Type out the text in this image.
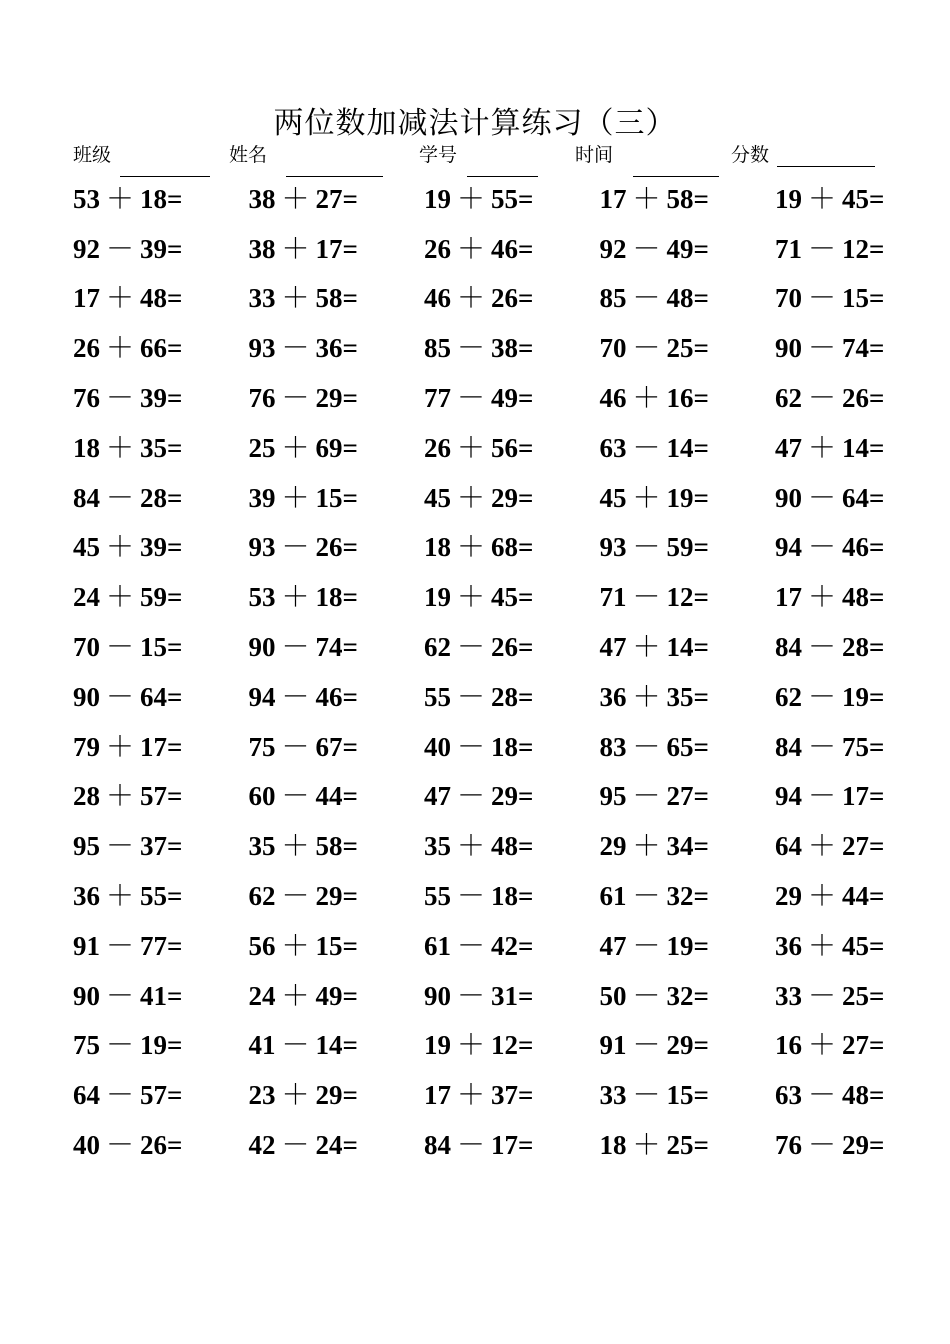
两位数加减法计算练习（三）
班级	姓名	学号	时间	分数
53 ＋ 18=	38 ＋ 27=	19 ＋ 55=	17 ＋ 58=	19 ＋ 45=
92 － 39=	38 ＋ 17=	26 ＋ 46=	92 － 49=	71 － 12=
17 ＋ 48=	33 ＋ 58=	46 ＋ 26=	85 － 48=	70 － 15=
26 ＋ 66=	93 － 36=	85 － 38=	70 － 25=	90 － 74=
76 － 39=	76 － 29=	77 － 49=	46 ＋ 16=	62 － 26=
18 ＋ 35=	25 ＋ 69=	26 ＋ 56=	63 － 14=	47 ＋ 14=
84 － 28=	39 ＋ 15=	45 ＋ 29=	45 ＋ 19=	90 － 64=
45 ＋ 39=	93 － 26=	18 ＋ 68=	93 － 59=	94 － 46=
24 ＋ 59=	53 ＋ 18=	19 ＋ 45=	71 － 12=	17 ＋ 48=
70 － 15=	90 － 74=	62 － 26=	47 ＋ 14=	84 － 28=
90 － 64=	94 － 46=	55 － 28=	36 ＋ 35=	62 － 19=
79 ＋ 17=	75 － 67=	40 － 18=	83 － 65=	84 － 75=
28 ＋ 57=	60 － 44=	47 － 29=	95 － 27=	94 － 17=
95 － 37=	35 ＋ 58=	35 ＋ 48=	29 ＋ 34=	64 ＋ 27=
36 ＋ 55=	62 － 29=	55 － 18=	61 － 32=	29 ＋ 44=
91 － 77=	56 ＋ 15=	61 － 42=	47 － 19=	36 ＋ 45=
90 － 41=	24 ＋ 49=	90 － 31=	50 － 32=	33 － 25=
75 － 19=	41 － 14=	19 ＋ 12=	91 － 29=	16 ＋ 27=
64 － 57=	23 ＋ 29=	17 ＋ 37=	33 － 15=	63 － 48=
40 － 26=	42 － 24=	84 － 17=	18 ＋ 25=	76 － 29=
